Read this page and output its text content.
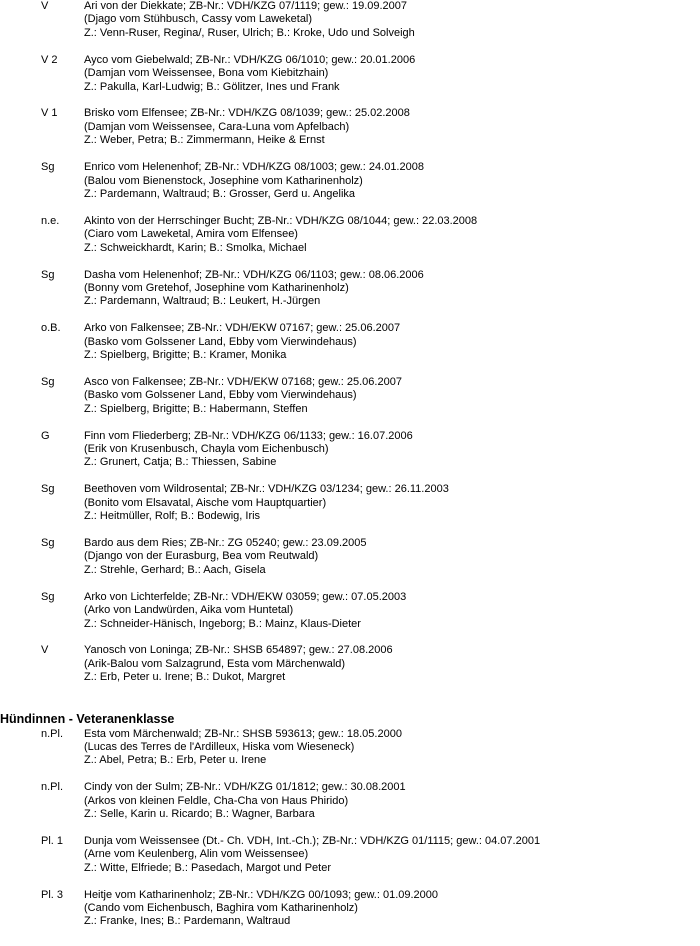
V	Ari von der Diekkate; ZB-Nr.: VDH/KZG 07/1119; gew.: 19.09.2007
(Djago vom Stühbusch, Cassy vom Laweketal)
Z.: Venn-Ruser, Regina/, Ruser, Ulrich; B.: Kroke, Udo und Solveigh
V 2 Ayco vom Giebelwald; ZB-Nr.: VDH/KZG 06/1010; gew.: 20.01.2006
(Damjan vom Weissensee, Bona vom Kiebitzhain)
Z.: Pakulla, Karl-Ludwig; B.: Gölitzer, Ines und Frank
V 1 Brisko vom Elfensee; ZB-Nr.: VDH/KZG 08/1039; gew.: 25.02.2008
(Damjan vom Weissensee, Cara-Luna vom Apfelbach)
Z.: Weber, Petra; B.: Zimmermann, Heike & Ernst
Sg	Enrico vom Helenenhof; ZB-Nr.: VDH/KZG 08/1003; gew.: 24.01.2008
(Balou vom Bienenstock, Josephine vom Katharinenholz)
Z.: Pardemann, Waltraud; B.: Grosser, Gerd u. Angelika
n.e. Akinto von der Herrschinger Bucht; ZB-Nr.: VDH/KZG 08/1044; gew.: 22.03.2008
(Ciaro vom Laweketal, Amira vom Elfensee)
Z.: Schweickhardt, Karin; B.: Smolka, Michael
Sg	Dasha vom Helenenhof; ZB-Nr.: VDH/KZG 06/1103; gew.: 08.06.2006
(Bonny vom Gretehof, Josephine vom Katharinenholz)
Z.: Pardemann, Waltraud; B.: Leukert, H.-Jürgen
o.B. Arko von Falkensee; ZB-Nr.: VDH/EKW 07167; gew.: 25.06.2007
(Basko vom Golssener Land, Ebby vom Vierwindehaus)
Z.: Spielberg, Brigitte; B.: Kramer, Monika
Sg	Asco von Falkensee; ZB-Nr.: VDH/EKW 07168; gew.: 25.06.2007
(Basko vom Golssener Land, Ebby vom Vierwindehaus)
Z.: Spielberg, Brigitte; B.: Habermann, Steffen
G	Finn vom Fliederberg; ZB-Nr.: VDH/KZG 06/1133; gew.: 16.07.2006
(Erik von Krusenbusch, Chayla vom Eichenbusch)
Z.: Grunert, Catja; B.: Thiessen, Sabine
Sg	Beethoven vom Wildrosental; ZB-Nr.: VDH/KZG 03/1234; gew.: 26.11.2003
(Bonito vom Elsavatal, Aische vom Hauptquartier)
Z.: Heitmüller, Rolf; B.: Bodewig, Iris
Sg	Bardo aus dem Ries; ZB-Nr.: ZG 05240; gew.: 23.09.2005
(Django von der Eurasburg, Bea vom Reutwald)
Z.: Strehle, Gerhard; B.: Aach, Gisela
Sg	Arko von Lichterfelde; ZB-Nr.: VDH/EKW 03059; gew.: 07.05.2003
(Arko von Landwürden, Aika vom Huntetal)
Z.: Schneider-Hänisch, Ingeborg; B.: Mainz, Klaus-Dieter
V	Yanosch von Loninga; ZB-Nr.: SHSB 654897; gew.: 27.08.2006
(Arik-Balou vom Salzagrund, Esta vom Märchenwald)
Z.: Erb, Peter u. Irene; B.: Dukot, Margret
Hündinnen - Veteranenklasse
n.Pl. Esta vom Märchenwald; ZB-Nr.: SHSB 593613; gew.: 18.05.2000
(Lucas des Terres de l'Ardilleux, Hiska vom Wieseneck)
Z.: Abel, Petra; B.: Erb, Peter u. Irene
n.Pl. Cindy von der Sulm; ZB-Nr.: VDH/KZG 01/1812; gew.: 30.08.2001
(Arkos von kleinen Feldle, Cha-Cha von Haus Phirido)
Z.: Selle, Karin u. Ricardo; B.: Wagner, Barbara
Pl. 1 Dunja vom Weissensee (Dt.- Ch. VDH, Int.-Ch.); ZB-Nr.: VDH/KZG 01/1115; gew.: 04.07.2001
(Arne vom Keulenberg, Alin vom Weissensee)
Z.: Witte, Elfriede; B.: Pasedach, Margot und Peter
Pl. 3 Heitje vom Katharinenholz; ZB-Nr.: VDH/KZG 00/1093; gew.: 01.09.2000
(Cando vom Eichenbusch, Baghira vom Katharinenholz)
Z.: Franke, Ines; B.: Pardemann, Waltraud
